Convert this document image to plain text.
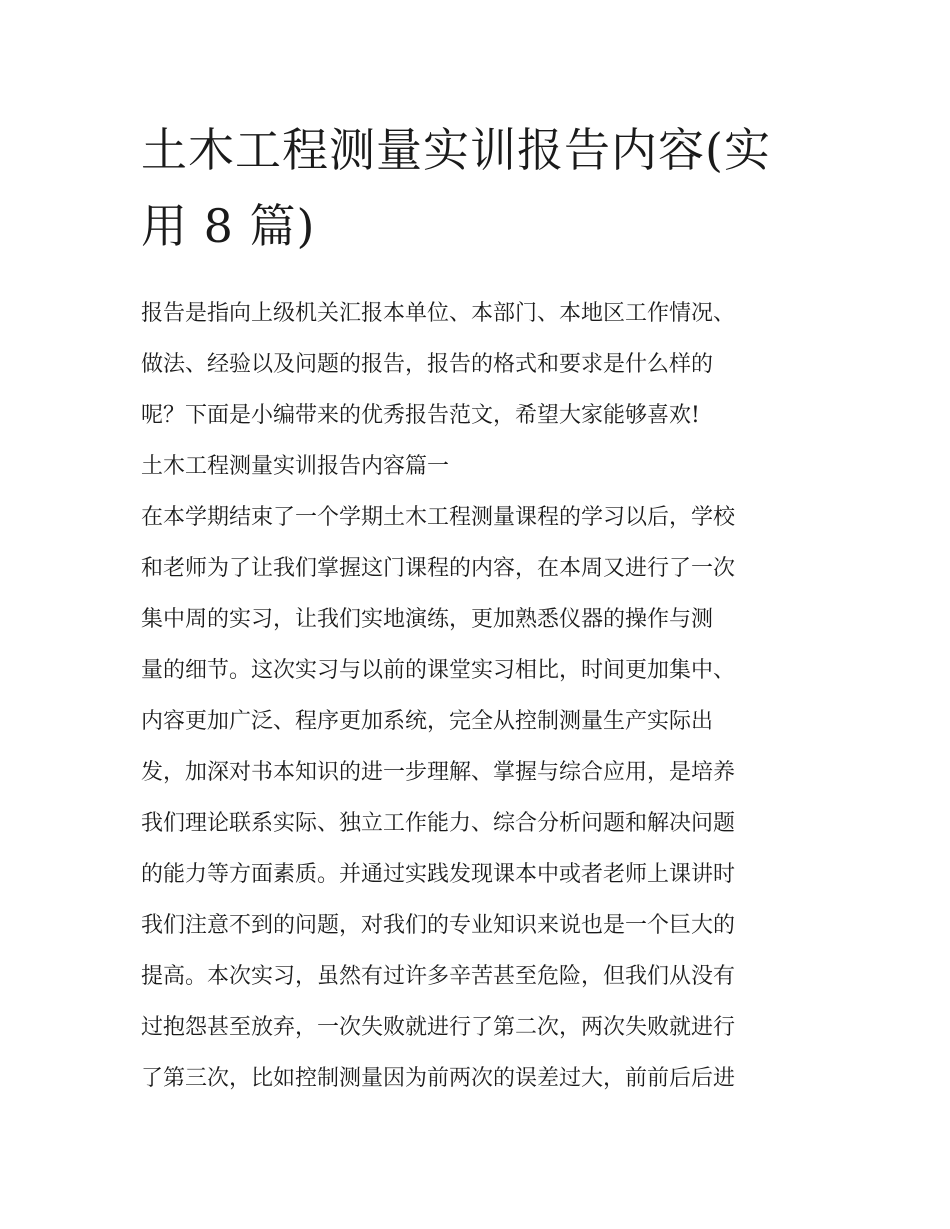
土木工程测量实训报告内容(实
用 8 篇)

报告是指向上级机关汇报本单位、本部门、本地区工作情况、

做法、经验以及问题的报告，报告的格式和要求是什么样的

呢？下面是小编带来的优秀报告范文，希望大家能够喜欢!

土木工程测量实训报告内容篇一

在本学期结束了一个学期土木工程测量课程的学习以后，学校

和老师为了让我们掌握这门课程的内容，在本周又进行了一次

集中周的实习，让我们实地演练，更加熟悉仪器的操作与测

量的细节。这次实习与以前的课堂实习相比，时间更加集中、

内容更加广泛、程序更加系统，完全从控制测量生产实际出

发，加深对书本知识的进一步理解、掌握与综合应用，是培养

我们理论联系实际、独立工作能力、综合分析问题和解决问题

的能力等方面素质。并通过实践发现课本中或者老师上课讲时

我们注意不到的问题，对我们的专业知识来说也是一个巨大的

提高。本次实习，虽然有过许多辛苦甚至危险，但我们从没有

过抱怨甚至放弃，一次失败就进行了第二次，两次失败就进行

了第三次，比如控制测量因为前两次的误差过大，前前后后进
